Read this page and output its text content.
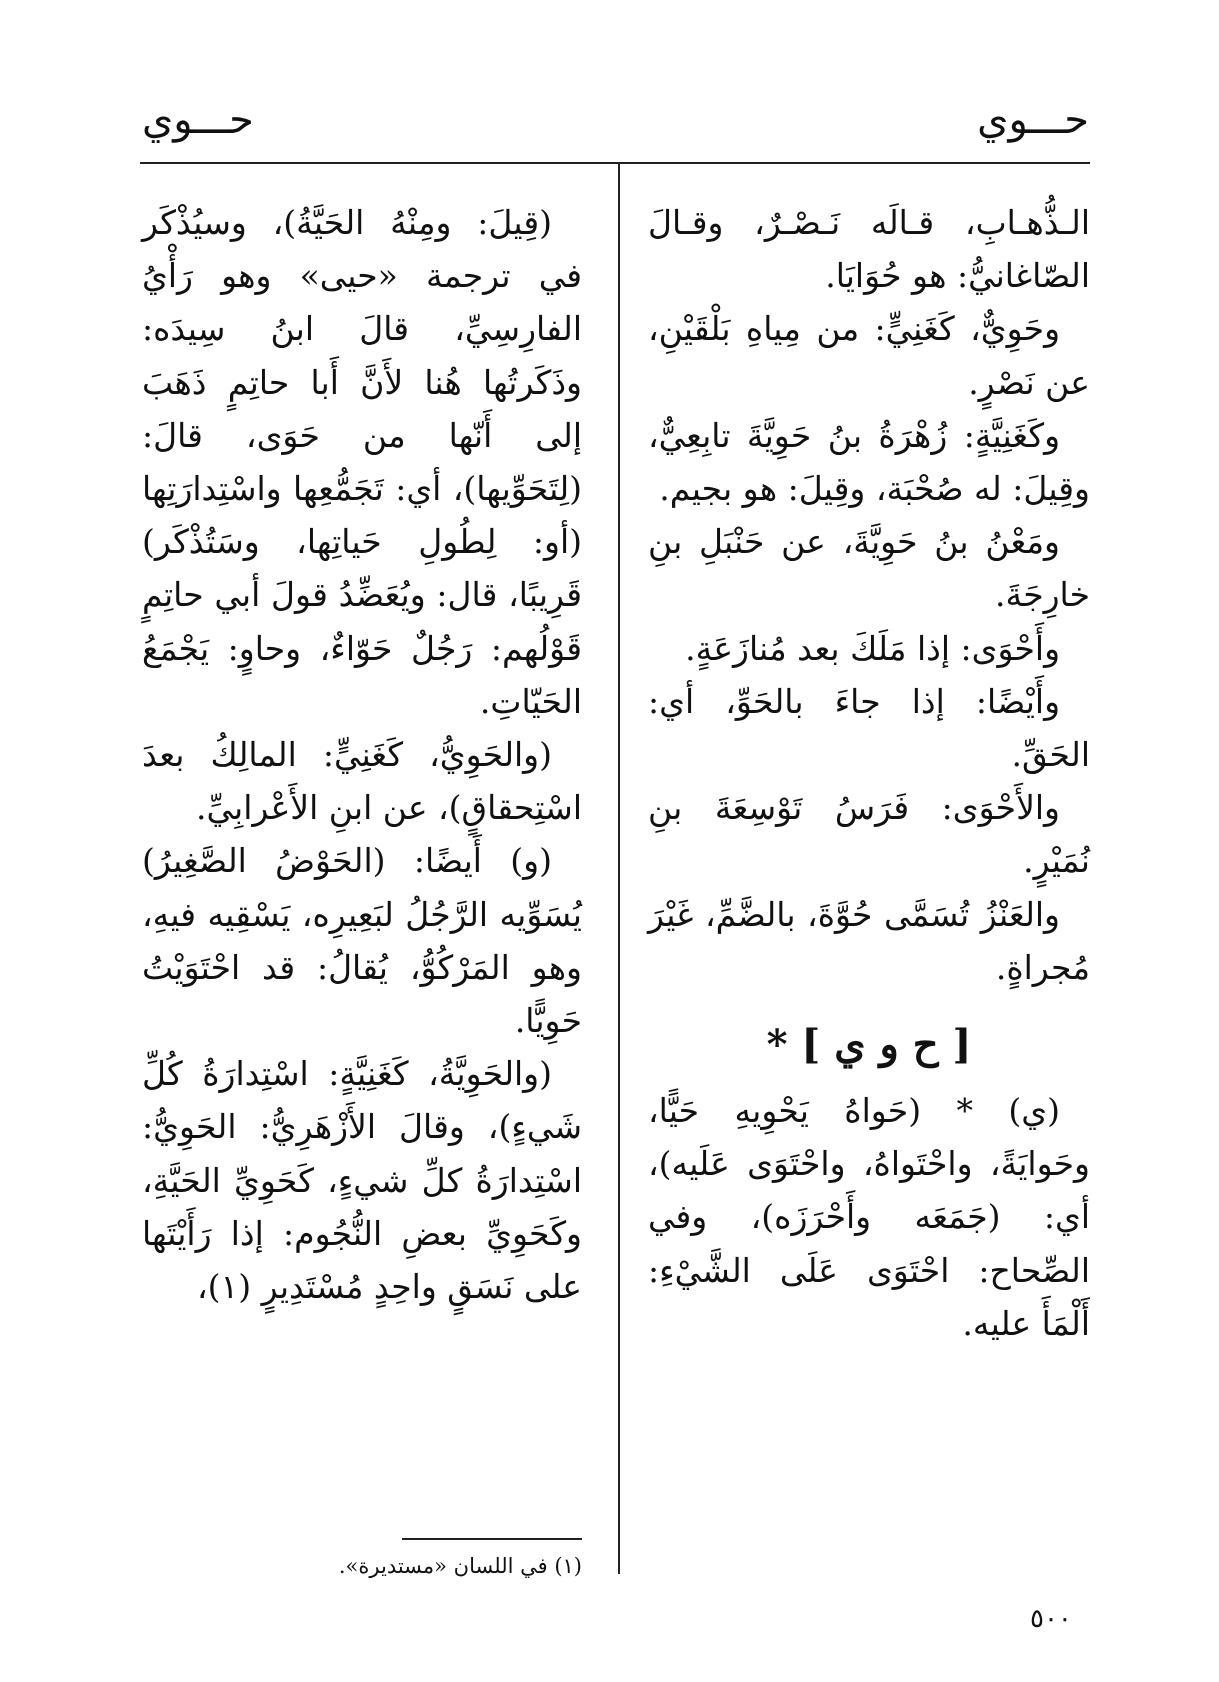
حـــوي
حـــوي

الـذُّهـابِ، قـالَه نَـصْـرٌ، وقـالَ الصّاغانيُّ: هو حُوَايَا.

وحَوِيٌّ، كَغَنِيٍّ: من مِياهِ بَلْقَيْنِ، عن نَصْرٍ.

وكَغَنِيَّةٍ: زُهْرَةُ بنُ حَوِيَّةَ تابِعِيٌّ، وقِيلَ: له صُحْبَة، وقِيلَ: هو بجيم.

ومَعْنُ بنُ حَوِيَّةَ، عن حَنْبَلِ بنِ خارِجَةَ.

وأَحْوَى: إذا مَلَكَ بعد مُنازَعَةٍ.

وأَيْضًا: إذا جاءَ بالحَوِّ، أي: الحَقِّ.

والأَحْوَى: فَرَسُ تَوْسِعَةَ بنِ نُمَيْرٍ.

والعَنْزُ تُسَمَّى حُوَّةَ، بالضَّمِّ، غَيْرَ مُجراةٍ.

[ ح و ي ] *

(ي) * (حَواهُ يَحْوِيهِ حَيًّا، وحَوايَةً، واحْتَواهُ، واحْتَوَى عَلَيه)، أي: (جَمَعَه وأَحْرَزَه)، وفي الصِّحاح: احْتَوَى عَلَى الشَّيْءِ: أَلْمَأَ عليه.

(قِيلَ: ومِنْهُ الحَيَّةُ)، وسيُذْكَر في ترجمة «حيى» وهو رَأْيُ الفارِسِيِّ، قالَ ابنُ سِيدَه: وذَكَرتُها هُنا لأَنَّ أَبا حاتِمٍ ذَهَبَ إلى أَنّها من حَوَى، قالَ: (لِتَحَوِّيها)، أي: تَجَمُّعِها واسْتِدارَتِها (أو: لِطُولِ حَياتِها، وسَتُذْكَر) قَرِيبًا، قال: ويُعَضِّدُ قولَ أبي حاتِمٍ قَوْلُهم: رَجُلٌ حَوّاءٌ، وحاوٍ: يَجْمَعُ الحَيّاتِ.

(والحَوِيُّ، كَغَنِيٍّ: المالِكُ بعدَ اسْتِحقاقٍ)، عن ابنِ الأَعْرابِيِّ.

(و) أَيضًا: (الحَوْضُ الصَّغِيرُ) يُسَوِّيه الرَّجُلُ لبَعِيرِه، يَسْقِيه فيهِ، وهو المَرْكُوُّ، يُقالُ: قد احْتَوَيْتُ حَوِيًّا.

(والحَوِيَّةُ، كَغَنِيَّةٍ: اسْتِدارَةُ كُلِّ شَيءٍ)، وقالَ الأَزْهَرِيُّ: الحَوِيُّ: اسْتِدارَةُ كلِّ شيءٍ، كَحَوِيِّ الحَيَّةِ، وكَحَوِيِّ بعضِ النُّجُوم: إذا رَأَيْتَها على نَسَقٍ واحِدٍ مُسْتَدِيرٍ (١)،

(١) في اللسان «مستديرة».
٥٠٠
